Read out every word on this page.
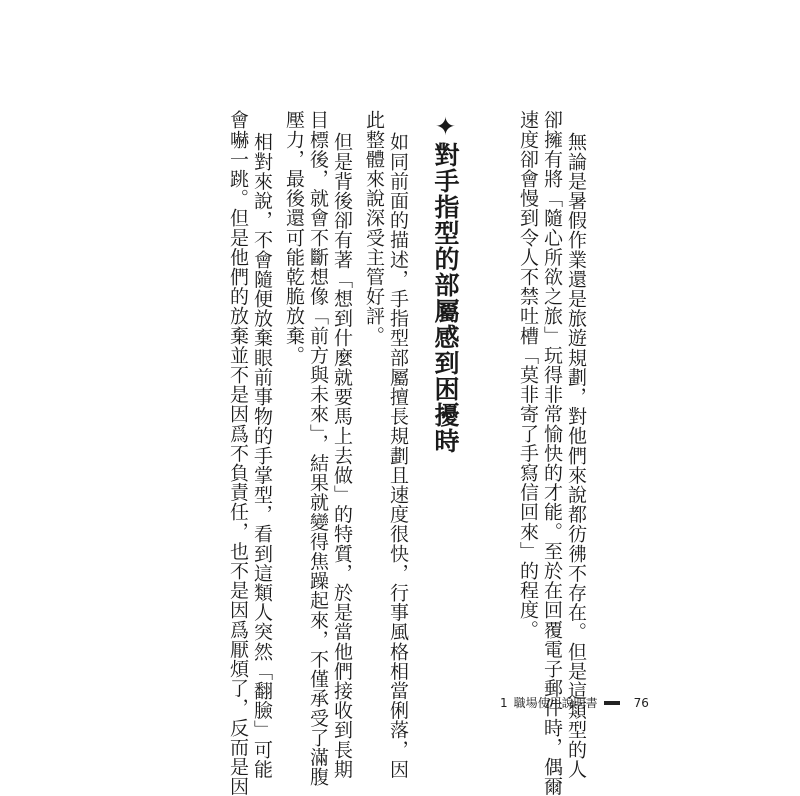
無論是暑假作業還是旅遊規劃，對他們來說都彷彿不存在。但是這類型的人
卻擁有將「隨心所欲之旅」玩得非常愉快的才能。至於在回覆電子郵件時，偶爾
速度卻會慢到令人不禁吐槽「莫非寄了手寫信回來」的程度。
✦對手指型的部屬感到困擾時
如同前面的描述，手指型部屬擅長規劃且速度很快，行事風格相當俐落，因
此整體來說深受主管好評。
但是背後卻有著「想到什麼就要馬上去做」的特質，於是當他們接收到長期
目標後，就會不斷想像「前方與未來」，結果就變得焦躁起來，不僅承受了滿腹
壓力，最後還可能乾脆放棄。
相對來說，不會隨便放棄眼前事物的手掌型，看到這類人突然「翻臉」可能
會嚇一跳。但是他們的放棄並不是因爲不負責任，也不是因爲厭煩了，反而是因	1 職場使用說明書	76
